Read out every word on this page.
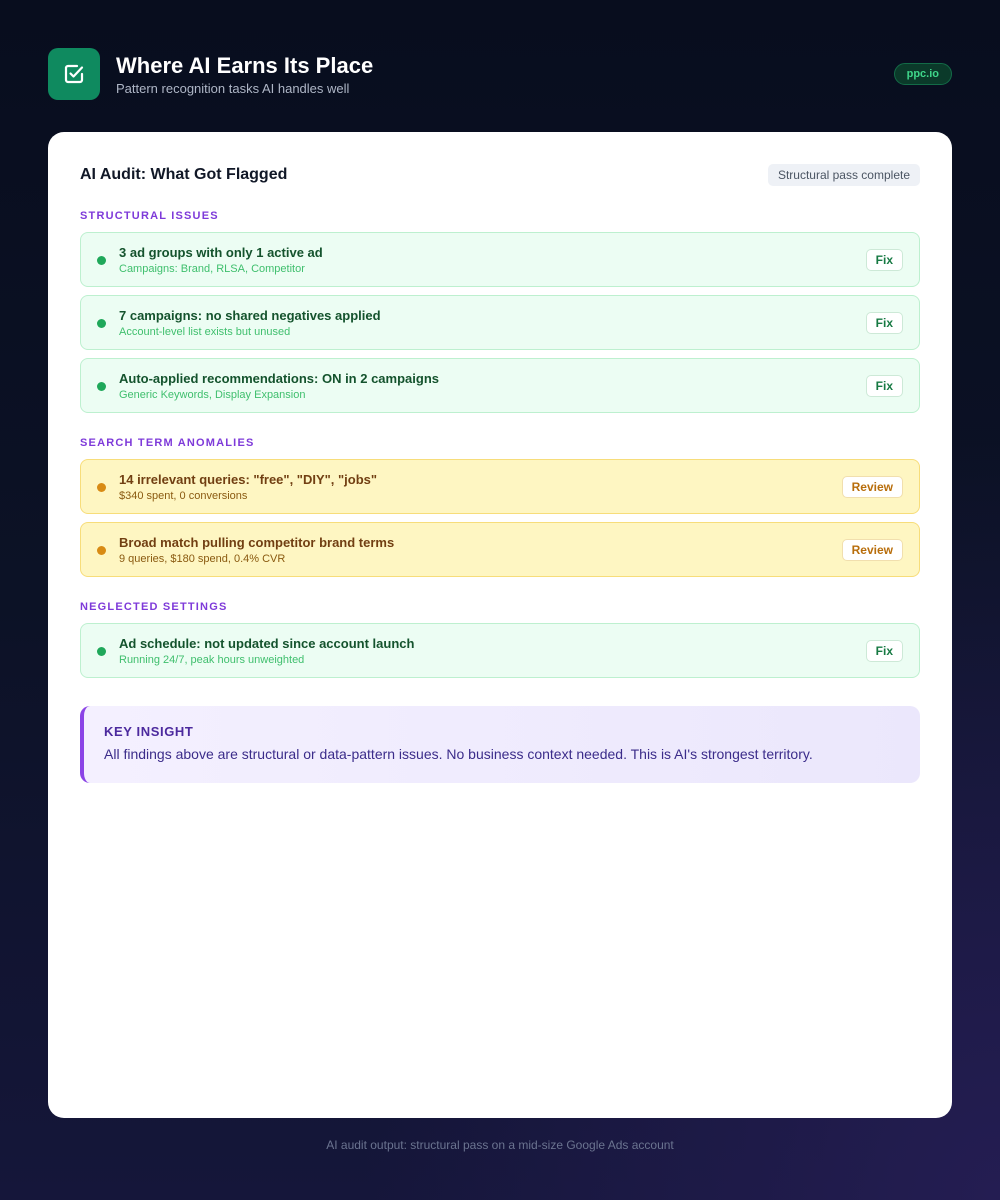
Where AI Earns Its Place
Pattern recognition tasks AI handles well
ppc.io
AI Audit: What Got Flagged	Structural pass complete
STRUCTURAL ISSUES
3 ad groups with only 1 active ad
Campaigns: Brand, RLSA, Competitor
Fix
7 campaigns: no shared negatives applied
Account-level list exists but unused
Fix
Auto-applied recommendations: ON in 2 campaigns
Generic Keywords, Display Expansion
Fix
SEARCH TERM ANOMALIES
14 irrelevant queries: "free", "DIY", "jobs"
$340 spent, 0 conversions
Review
Broad match pulling competitor brand terms
9 queries, $180 spend, 0.4% CVR
Review
NEGLECTED SETTINGS
Ad schedule: not updated since account launch
Running 24/7, peak hours unweighted
Fix
KEY INSIGHT
All findings above are structural or data-pattern issues. No business context needed. This is AI's strongest territory.
AI audit output: structural pass on a mid-size Google Ads account
